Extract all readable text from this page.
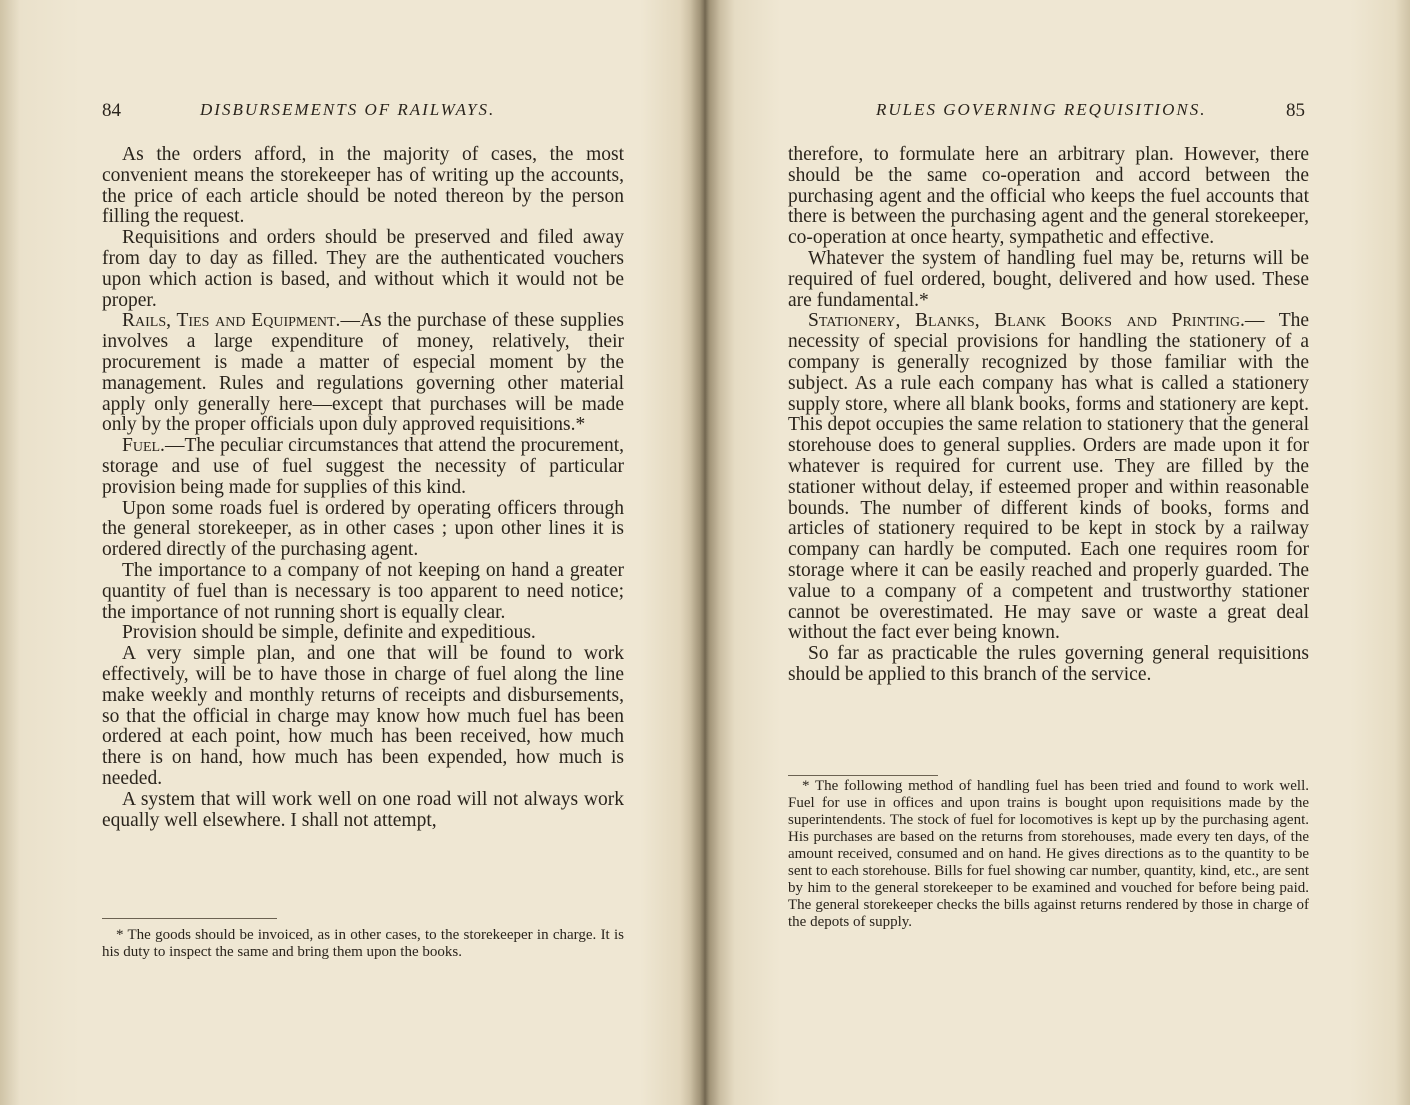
84	DISBURSEMENTS OF RAILWAYS.

As the orders afford, in the majority of cases, the most convenient means the storekeeper has of writing up the accounts, the price of each article should be noted thereon by the person filling the request.

Requisitions and orders should be preserved and filed away from day to day as filled. They are the authenticated vouchers upon which action is based, and without which it would not be proper.

Rails, Ties and Equipment.—As the purchase of these supplies involves a large expenditure of money, relatively, their procurement is made a matter of especial moment by the management. Rules and regulations governing other material apply only generally here—except that purchases will be made only by the proper officials upon duly approved requisitions.*

Fuel.—The peculiar circumstances that attend the procurement, storage and use of fuel suggest the necessity of particular provision being made for supplies of this kind.

Upon some roads fuel is ordered by operating officers through the general storekeeper, as in other cases ; upon other lines it is ordered directly of the purchasing agent.

The importance to a company of not keeping on hand a greater quantity of fuel than is necessary is too apparent to need notice; the importance of not running short is equally clear.

Provision should be simple, definite and expeditious.

A very simple plan, and one that will be found to work effectively, will be to have those in charge of fuel along the line make weekly and monthly returns of receipts and disbursements, so that the official in charge may know how much fuel has been ordered at each point, how much has been received, how much there is on hand, how much has been expended, how much is needed.

A system that will work well on one road will not always work equally well elsewhere. I shall not attempt,

* The goods should be invoiced, as in other cases, to the storekeeper in charge. It is his duty to inspect the same and bring them upon the books.

RULES GOVERNING REQUISITIONS.	85

therefore, to formulate here an arbitrary plan. However, there should be the same co-operation and accord between the purchasing agent and the official who keeps the fuel accounts that there is between the purchasing agent and the general storekeeper, co-operation at once hearty, sympathetic and effective.

Whatever the system of handling fuel may be, returns will be required of fuel ordered, bought, delivered and how used. These are fundamental.*

Stationery, Blanks, Blank Books and Printing.— The necessity of special provisions for handling the stationery of a company is generally recognized by those familiar with the subject. As a rule each company has what is called a stationery supply store, where all blank books, forms and stationery are kept. This depot occupies the same relation to stationery that the general storehouse does to general supplies. Orders are made upon it for whatever is required for current use. They are filled by the stationer without delay, if esteemed proper and within reasonable bounds. The number of different kinds of books, forms and articles of stationery required to be kept in stock by a railway company can hardly be computed. Each one requires room for storage where it can be easily reached and properly guarded. The value to a company of a competent and trustworthy stationer cannot be overestimated. He may save or waste a great deal without the fact ever being known.

So far as practicable the rules governing general requisitions should be applied to this branch of the service.

* The following method of handling fuel has been tried and found to work well. Fuel for use in offices and upon trains is bought upon requisitions made by the superintendents. The stock of fuel for locomotives is kept up by the purchasing agent. His purchases are based on the returns from storehouses, made every ten days, of the amount received, consumed and on hand. He gives directions as to the quantity to be sent to each storehouse. Bills for fuel showing car number, quantity, kind, etc., are sent by him to the general storekeeper to be examined and vouched for before being paid. The general storekeeper checks the bills against returns rendered by those in charge of the depots of supply.
